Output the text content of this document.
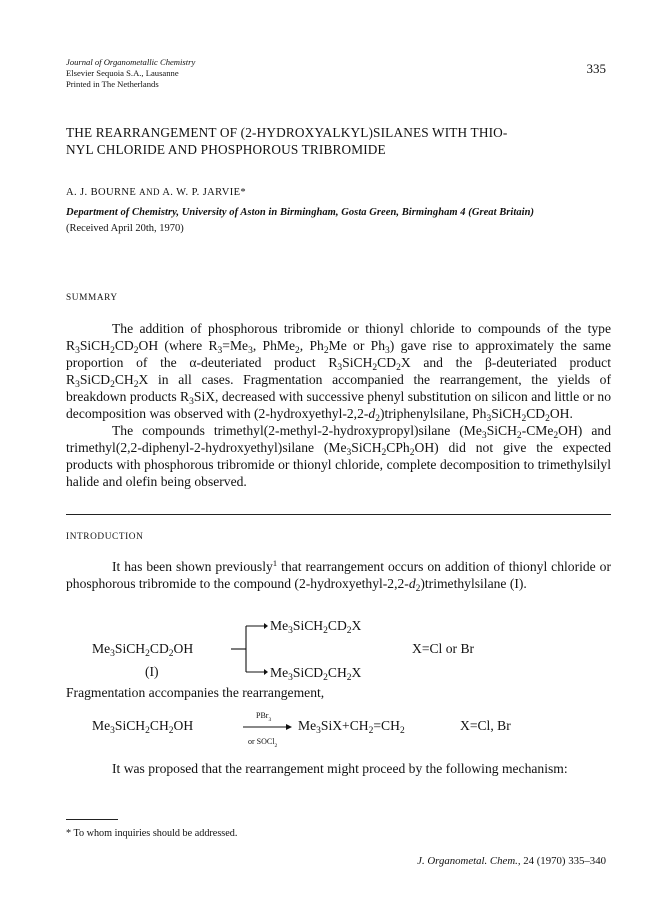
Journal of Organometallic Chemistry
Elsevier Sequoia S.A., Lausanne
Printed in The Netherlands
335
THE REARRANGEMENT OF (2-HYDROXYALKYL)SILANES WITH THIO-
NYL CHLORIDE AND PHOSPHOROUS TRIBROMIDE
A. J. BOURNE AND A. W. P. JARVIE*
Department of Chemistry, University of Aston in Birmingham, Gosta Green, Birmingham 4 (Great Britain)
(Received April 20th, 1970)
SUMMARY

The addition of phosphorous tribromide or thionyl chloride to compounds of the type $R_3SiCH_2CD_2OH$ (where $R_3=Me_3$, PhMe$_2$, $Ph_2Me$ or $Ph_3$) gave rise to approximately the same proportion of the α-deuteriated product $R_3SiCH_2CD_2X$ and the β-deuteriated product $R_3SiCD_2CH_2X$ in all cases. Fragmentation accompanied the rearrangement, the yields of breakdown products $R_3SiX$, decreased with successive phenyl substitution on silicon and little or no decomposition was observed with $(2-hydroxyethyl-2,2-d_2)triphenylsilane$, $Ph_3SiCH_2CD_2OH$.

The compounds trimethyl(2-methyl-2-hydroxypropyl)silane $(Me_3SiCH_2-CMe_2OH)$ and trimethyl(2,2-diphenyl-2-hydroxyethyl)silane $(Me_3SiCH_2CPh_2OH)$ did not give the expected products with phosphorous tribromide or thionyl chloride, complete decomposition to trimethylsilyl halide and olefin being observed.

INTRODUCTION

It has been shown previously$^1$ that rearrangement occurs on addition of thionyl chloride or phosphorous tribromide to the compound $(2-hydroxyethyl-2,2-d_2)trimethylsilane$ (I).

$Me_3SiCH_2CD_2X$
$Me_3SiCH_2CD_2OH$	X=Cl or Br
(I)	$Me_3SiCD_2CH_2X$
Fragmentation accompanies the rearrangement,
$Me_3SiCH_2CH_2OH$
PBr$_3$
or SOCl$_2$
$Me_3SiX+CH_2=CH_2$	X=Cl, Br

It was proposed that the rearrangement might proceed by the following mechanism:

* To whom inquiries should be addressed.
J. Organometal. Chem., 24 (1970) 335–340
